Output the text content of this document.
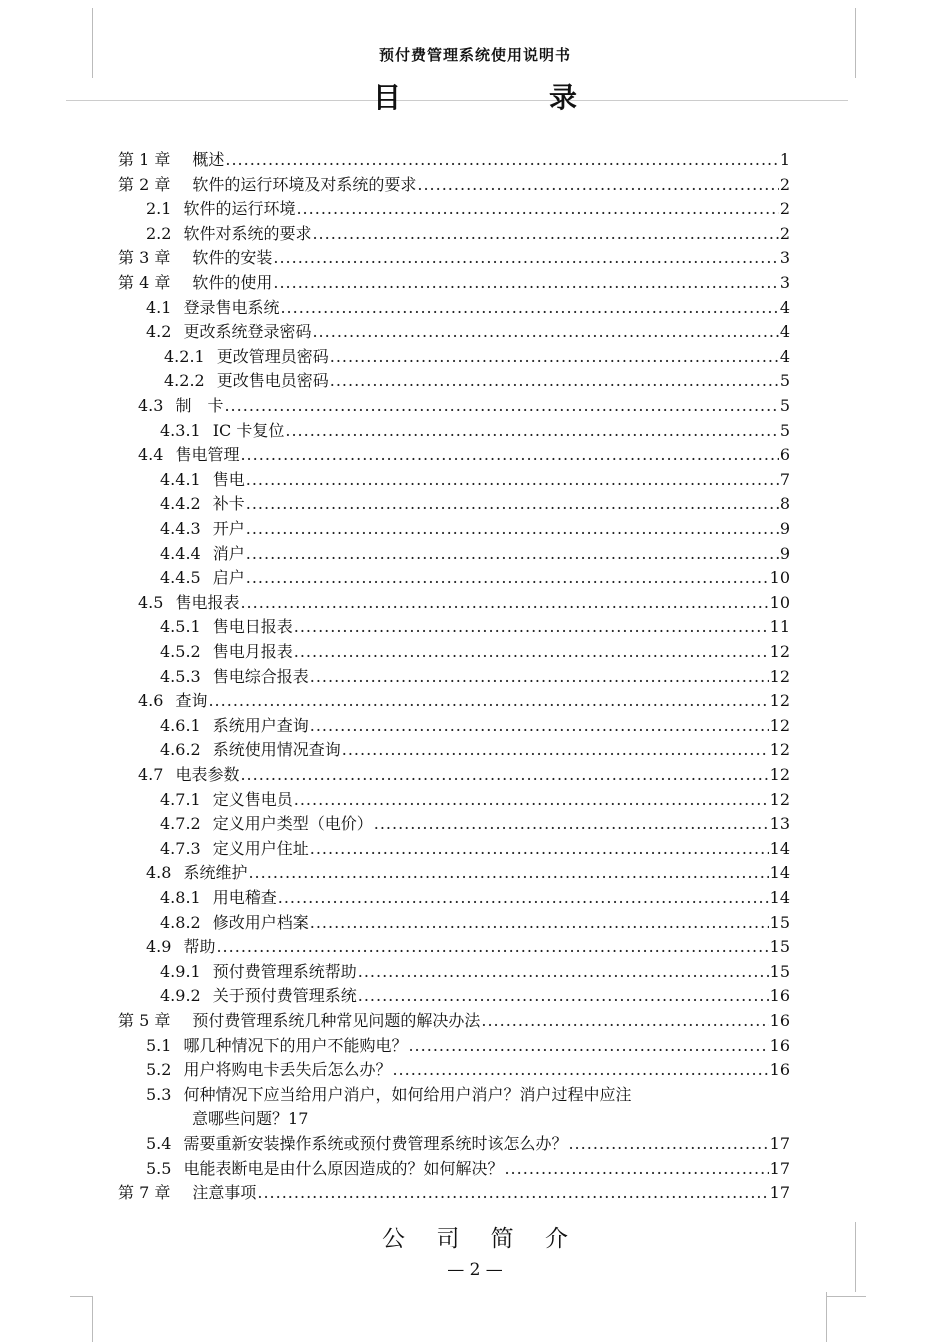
预付费管理系统使用说明书
目　录
第 1 章 概述 .....	1
第 2 章 软件的运行环境及对系统的要求 .....	2
2.1 软件的运行环境 .....	2
2.2 软件对系统的要求 .....	2
第 3 章 软件的安装 .....	3
第 4 章 软件的使用 .....	3
4.1 登录售电系统 .....	4
4.2 更改系统登录密码 .....	4
4.2.1 更改管理员密码 .....	4
4.2.2 更改售电员密码 .....	5
4.3 制　卡 .....	5
4.3.1 IC 卡复位 .....	5
4.4 售电管理 .....	6
4.4.1 售电 .....	7
4.4.2 补卡 .....	8
4.4.3 开户 .....	9
4.4.4 消户 .....	9
4.4.5 启户 .....	10
4.5 售电报表 .....	10
4.5.1 售电日报表 .....	11
4.5.2 售电月报表 .....	12
4.5.3 售电综合报表 .....	12
4.6 查询 .....	12
4.6.1 系统用户查询 .....	12
4.6.2 系统使用情况查询 .....	12
4.7 电表参数 .....	12
4.7.1 定义售电员 .....	12
4.7.2 定义用户类型（电价） .....	13
4.7.3 定义用户住址 .....	14
4.8 系统维护 .....	14
4.8.1 用电稽查 .....	14
4.8.2 修改用户档案 .....	15
4.9 帮助 .....	15
4.9.1 预付费管理系统帮助 .....	15
4.9.2 关于预付费管理系统 .....	16
第 5 章 预付费管理系统几种常见问题的解决办法 .....	16
5.1 哪几种情况下的用户不能购电？ .....	16
5.2 用户将购电卡丢失后怎么办？ .....	16
5.3 何种情况下应当给用户消户，如何给用户消户？消户过程中应注
意哪些问题？ 17
5.4 需要重新安装操作系统或预付费管理系统时该怎么办？ .....	17
5.5 电能表断电是由什么原因造成的？如何解决？ .....	17
第 7 章 注意事项 .....	17
公 司 简 介
— 2 —
